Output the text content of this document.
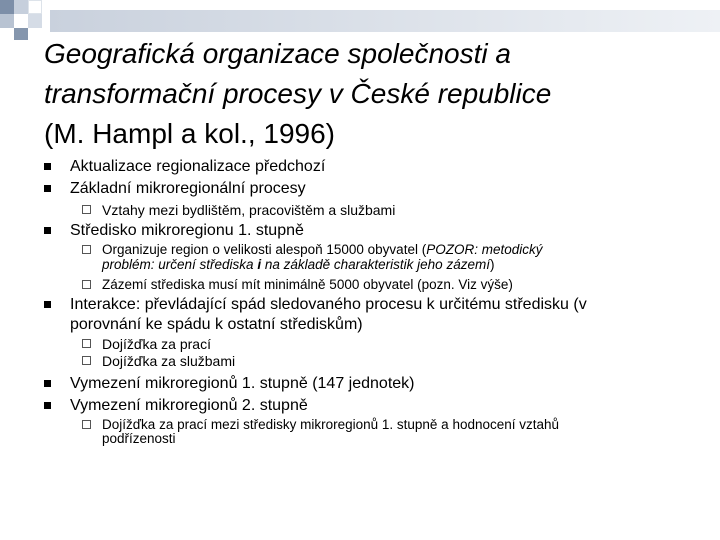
Geografická organizace společnosti a
transformační procesy v České republice
(M. Hampl a kol., 1996)
Aktualizace regionalizace předchozí
Základní mikroregionální procesy
Vztahy mezi bydlištěm, pracovištěm a službami
Středisko mikroregionu 1. stupně
Organizuje region o velikosti alespoň 15000 obyvatel (POZOR: metodický
problém: určení střediska i na základě charakteristik jeho zázemí)
Zázemí střediska musí mít minimálně 5000 obyvatel (pozn. Viz výše)
Interakce: převládající spád sledovaného procesu k určitému středisku (v
porovnání ke spádu k ostatní střediskům)
Dojížďka za prací
Dojížďka za službami
Vymezení mikroregionů 1. stupně (147 jednotek)
Vymezení mikroregionů 2. stupně
Dojížďka za prací mezi středisky mikroregionů 1. stupně a hodnocení vztahů
podřízenosti
